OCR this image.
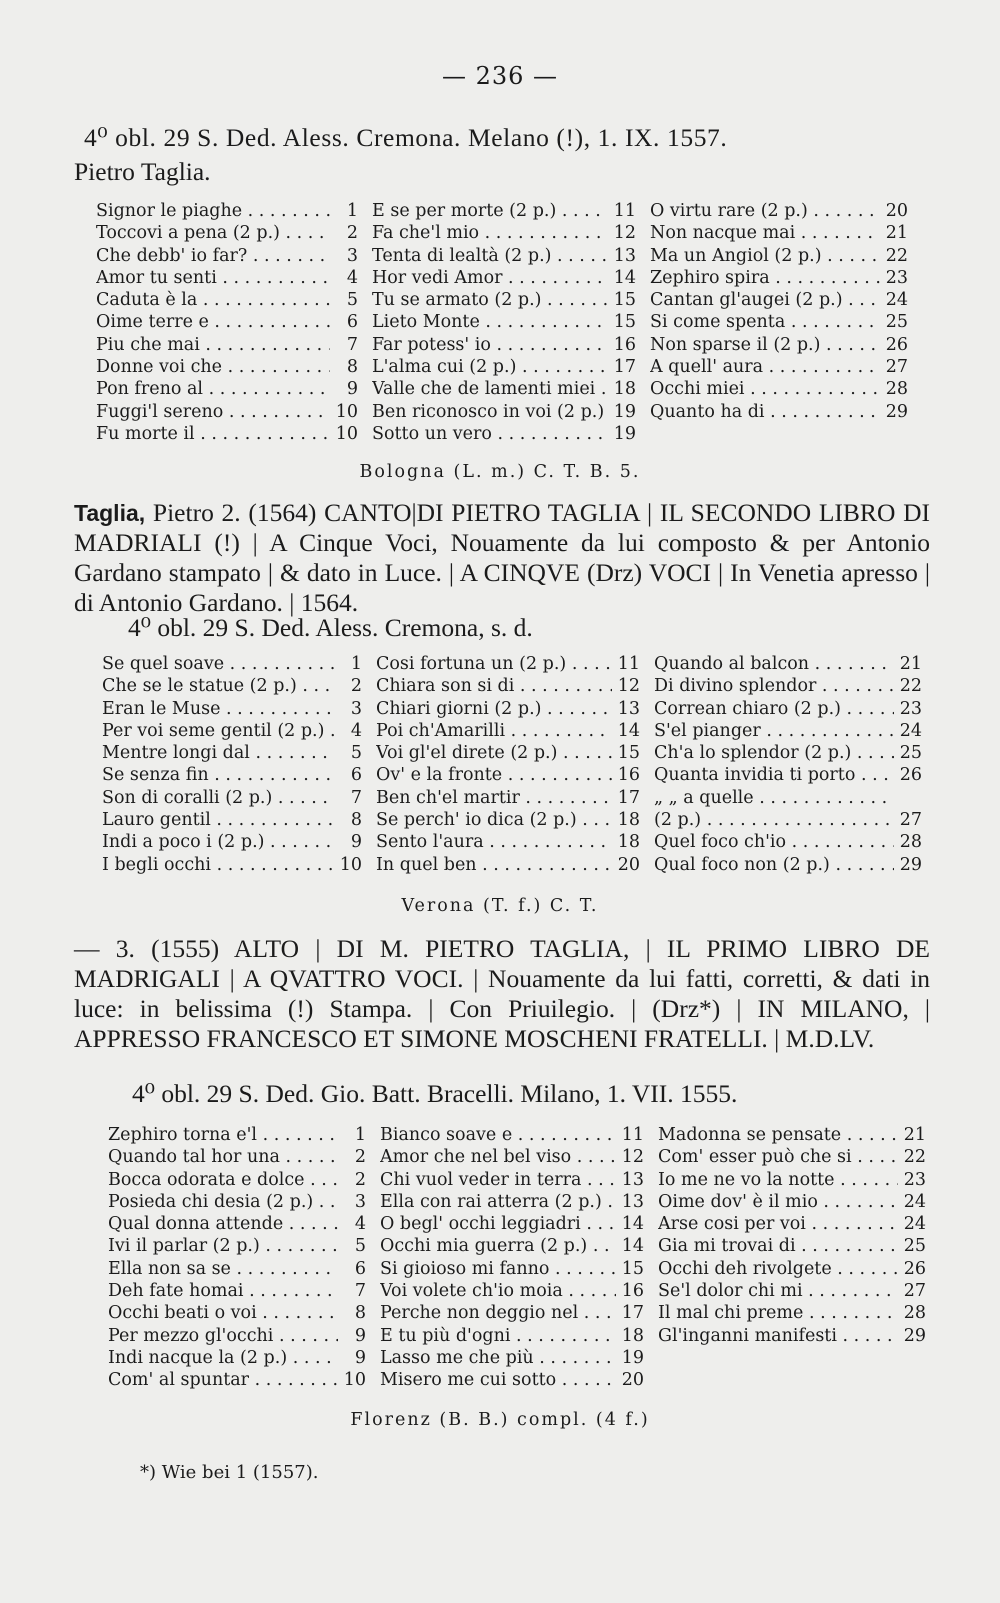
— 236 —
4⁰ obl. 29 S. Ded. Aless. Cremona. Melano (!), 1. IX. 1557.
Pietro Taglia.
Signor le piaghe . . .	1
Toccovi a pena (2 p.) . . .	2
Che debb' io far? . . .	3
Amor tu senti . . .	4
Caduta è la . . .	5
Oime terre e . . .	6
Piu che mai . . .	7
Donne voi che . . .	8
Pon freno al . . .	9
Fuggi'l sereno . . .	10
Fu morte il . . .	10
E se per morte (2 p.) . . .	11
Fa che'l mio . . .	12
Tenta di lealtà (2 p.) . . .	13
Hor vedi Amor . . .	14
Tu se armato (2 p.) . . .	15
Lieto Monte . . .	15
Far potess' io . . .	16
L'alma cui (2 p.) . . .	17
Valle che de lamenti miei . . .	18
Ben riconosco in voi (2 p.) . . . 19
Sotto un vero . . .	19
O virtu rare (2 p.) . . .	20
Non nacque mai . . .	21
Ma un Angiol (2 p.) . . .	22
Zephiro spira . . .	23
Cantan gl'augei (2 p.) . . .	24
Si come spenta . . .	25
Non sparse il (2 p.) . . .	26
A quell' aura . . .	27
Occhi miei . . .	28
Quanto ha di . . .	29
Bologna (L. m.) C. T. B. 5.
Taglia, Pietro 2. (1564) CANTO|DI PIETRO TAGLIA | IL SECONDO LIBRO DI MADRIALI (!) | A Cinque Voci, Nouamente da lui composto & per Antonio Gardano stampato | & dato in Luce. | A CINQVE (Drz) VOCI | In Venetia apresso | di Antonio Gardano. | 1564.
4⁰ obl. 29 S. Ded. Aless. Cremona, s. d.
Se quel soave . . .	1
Che se le statue (2 p.) . . .	2
Eran le Muse . . .	3
Per voi seme gentil (2 p.) . . .	4
Mentre longi dal . . .	5
Se senza fin . . .	6
Son di coralli (2 p.) . . .	7
Lauro gentil . . .	8
Indi a poco i (2 p.) . . .	9
I begli occhi . . .	10
Cosi fortuna un (2 p.) . . .	11
Chiara son si di . . .	12
Chiari giorni (2 p.) . . .	13
Poi ch'Amarilli . . .	14
Voi gl'el direte (2 p.) . . .	15
Ov' e la fronte . . .	16
Ben ch'el martir . . .	17
Se perch' io dica (2 p.) . . .	18
Sento l'aura . . .	18
In quel ben . . .	20
Quando al balcon . . .	21
Di divino splendor . . .	22
Correan chiaro (2 p.) . . .	23
S'el pianger . . .	24
Ch'a lo splendor (2 p.) . . .	25
Quanta invidia ti porto . . .	26
„ „ a quelle . . .
(2 p.) . . .	27
Quel foco ch'io . . .	28
Qual foco non (2 p.) . . .	29
Verona (T. f.) C. T.
— 3. (1555) ALTO | DI M. PIETRO TAGLIA, | IL PRIMO LIBRO DE MADRIGALI | A QVATTRO VOCI. | Nouamente da lui fatti, corretti, & dati in luce: in belissima (!) Stampa. | Con Priuilegio. | (Drz*) | IN MILANO, | APPRESSO FRANCESCO ET SIMONE MOSCHENI FRATELLI. | M.D.LV.
4⁰ obl. 29 S. Ded. Gio. Batt. Bracelli. Milano, 1. VII. 1555.
Zephiro torna e'l . . .	1
Quando tal hor una . . .	2
Bocca odorata e dolce . . .	2
Posieda chi desia (2 p.) . . .	3
Qual donna attende . . .	4
Ivi il parlar (2 p.) . . .	5
Ella non sa se . . .	6
Deh fate homai . . .	7
Occhi beati o voi . . .	8
Per mezzo gl'occhi . . .	9
Indi nacque la (2 p.) . . .	9
Com' al spuntar . . .	10
Bianco soave e . . .	11
Amor che nel bel viso . . .	12
Chi vuol veder in terra . . .	13
Ella con rai atterra (2 p.) . . .	13
O begl' occhi leggiadri . . .	14
Occhi mia guerra (2 p.) . . .	14
Si gioioso mi fanno . . .	15
Voi volete ch'io moia . . .	16
Perche non deggio nel . . .	17
E tu più d'ogni . . .	18
Lasso me che più . . .	19
Misero me cui sotto . . .	20
Madonna se pensate . . .	21
Com' esser può che si . . .	22
Io me ne vo la notte . . .	23
Oime dov' è il mio . . .	24
Arse cosi per voi . . .	24
Gia mi trovai di . . .	25
Occhi deh rivolgete . . .	26
Se'l dolor chi mi . . .	27
Il mal chi preme . . .	28
Gl'inganni manifesti . . .	29
Florenz (B. B.) compl. (4 f.)
*) Wie bei 1 (1557).
